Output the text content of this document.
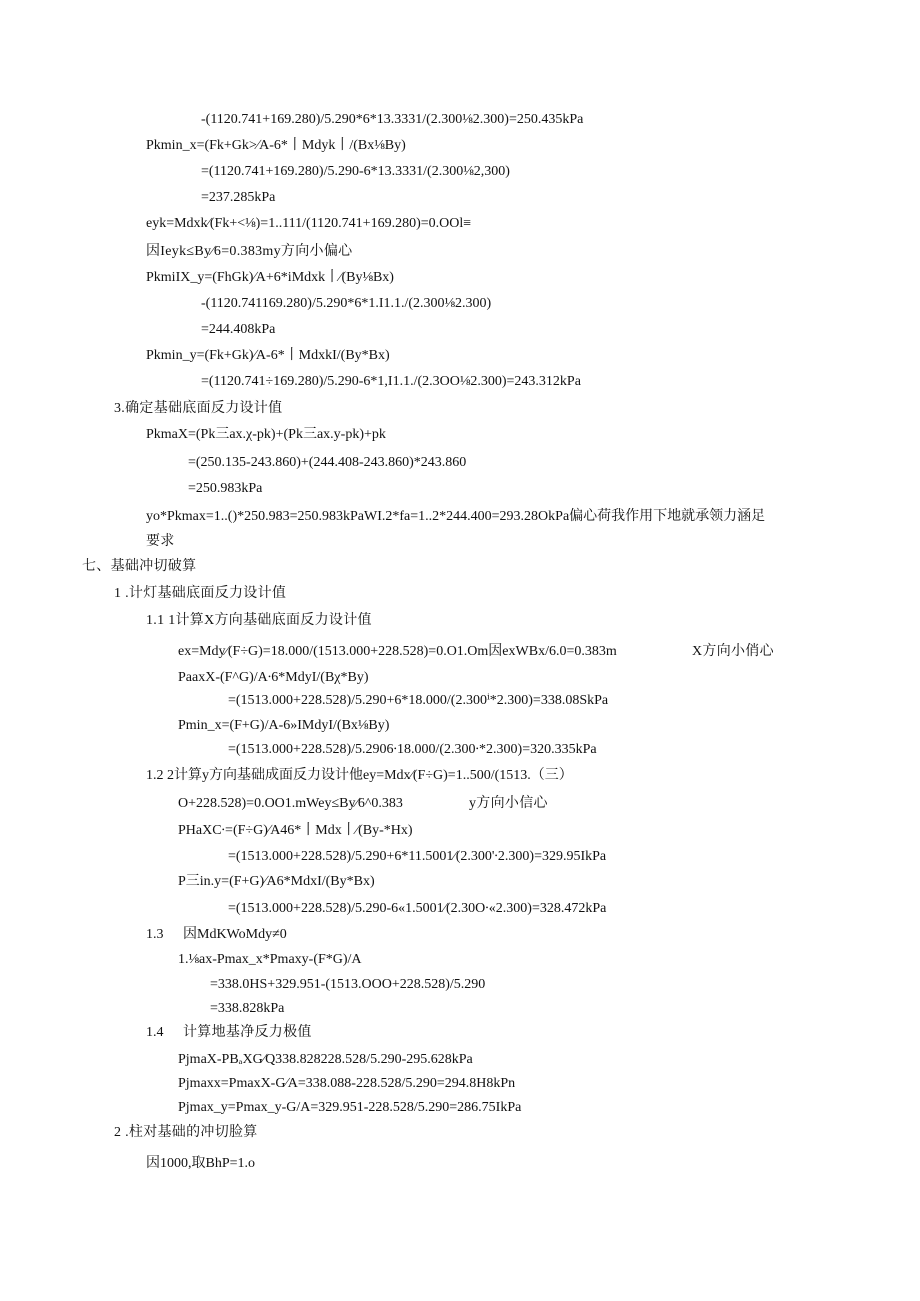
-(1120.741+169.280)/5.290*6*13.3331/(2.300⅛2.300)=250.435kPa
Pkmin_x=(Fk+Gk>∕A-6*丨Mdyk丨/(Bx⅛By)
=(1120.741+169.280)/5.290-6*13.3331/(2.300⅛2,300)
=237.285kPa
eyk=Mdxk∕(Fk+<⅛)=1..111/(1120.741+169.280)=0.OOl≡
因Ieyk≤By∕6=0.383my方向小偏心
PkmiIX_y=(FhGk)∕A+6*iMdxk丨∕(By⅛Bx)
-(1120.741169.280)/5.290*6*1.I1.1./(2.300⅛2.300)
=244.408kPa
Pkmin_y=(Fk+Gk)∕A-6*丨MdxkI/(By*Bx)
=(1120.741÷169.280)/5.290-6*1,I1.1./(2.3OO⅛2.300)=243.312kPa
3.确定基础底面反力设计值
PkmaX=(Pk三ax.χ-pk)+(Pk三ax.y-pk)+pk
=(250.135-243.860)+(244.408-243.860)*243.860
=250.983kPa
yo*Pkmax=1..()*250.983=250.983kPaWI.2*fa=1..2*244.400=293.28OkPa偏心荷我作用下地就承领力涵足
要求
七、基础冲切破算
1 .计灯基础底面反力设计值
1.1 1计算X方向基础底面反力设计值
ex=Mdy∕(F÷G)=18.000/(1513.000+228.528)=0.O1.Om因exWBx/6.0=0.383m	X方向小俏心
PaaxX-(F^G)/A∙6*MdyI/(Bχ*By)
=(1513.000+228.528)/5.290+6*18.000/(2.300ⁱ*2.300)=338.08SkPa
Pmin_x=(F+G)/A-6»IMdyI/(Bx⅛By)
=(1513.000+228.528)/5.2906∙18.000/(2.300∙*2.300)=320.335kPa
1.2 2计算y方向基础成面反力设计他ey=Mdx∕(F÷G)=1..500/(1513.（三）
O+228.528)=0.OO1.mWey≤By∕6^0.383	y方向小信心
PHaXC∙=(F÷G)∕A46*丨Mdx丨∕(By-*Hx)
=(1513.000+228.528)/5.290+6*11.5001∕(2.300'∙2.300)=329.95IkPa
P三in.y=(F+G)∕A6*MdxI/(By*Bx)
=(1513.000+228.528)/5.290-6«1.5001∕(2.30O∙«2.300)=328.472kPa
1.3 因MdKWoMdy≠0
1.⅛ax-Pmax_x*Pmaxy-(F*G)/A
=338.0HS+329.951-(1513.OOO+228.528)/5.290
=338.828kPa
1.4 计算地基净反力极值
PjmaX-PBₐXG∕Q338.828228.528/5.290-295.628kPa
Pjmaxx=PmaxX-G∕A=338.088-228.528/5.290=294.8H8kPn
Pjmax_y=Pmax_y-G/A=329.951-228.528/5.290=286.75IkPa
2 .柱对基础的冲切脸算
因1000,取BhP=1.o
